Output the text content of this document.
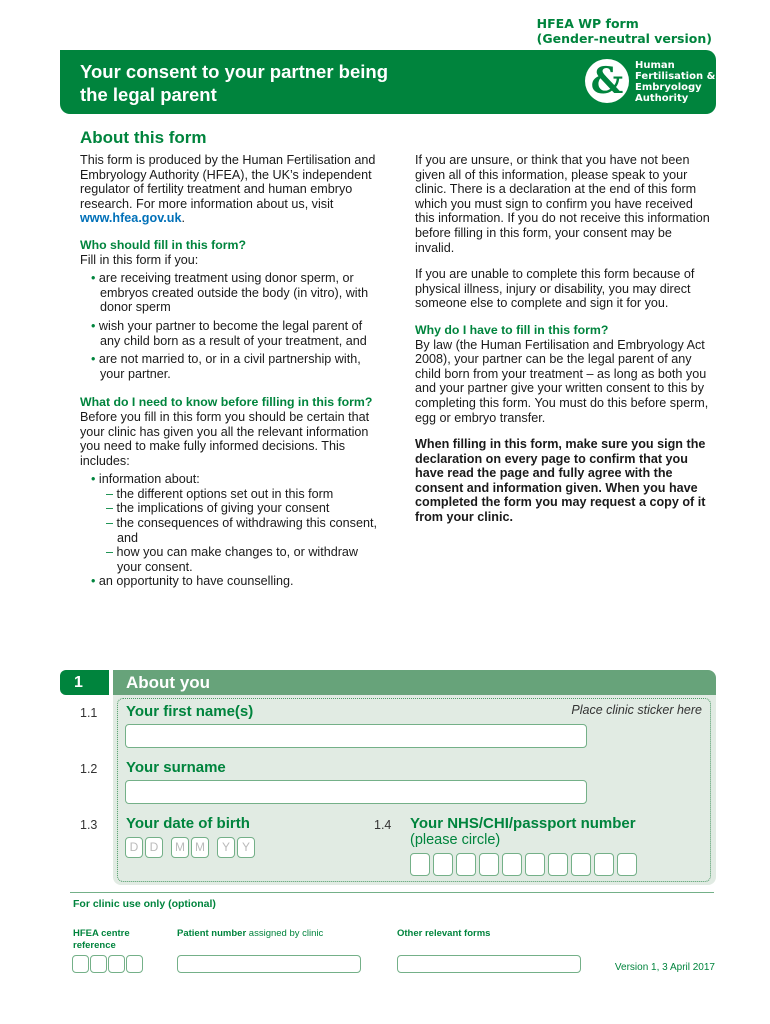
HFEA WP form
(Gender-neutral version)
Your consent to your partner being
the legal parent	&	Human
Fertilisation &
Embryology
Authority
About this form

This form is produced by the Human Fertilisation and Embryology Authority (HFEA), the UK’s independent regulator of fertility treatment and human embryo research. For more information about us, visit www.hfea.gov.uk.

Who should fill in this form?
Fill in this form if you:
• are receiving treatment using donor sperm, or embryos created outside the body (in vitro), with donor sperm
• wish your partner to become the legal parent of any child born as a result of your treatment, and
• are not married to, or in a civil partnership with, your partner.
What do I need to know before filling in this form?
Before you fill in this form you should be certain that your clinic has given you all the relevant information you need to make fully informed decisions. This includes:
• information about:
– the different options set out in this form
– the implications of giving your consent
– the consequences of withdrawing this consent, and
– how you can make changes to, or withdraw your consent.
• an opportunity to have counselling.

If you are unsure, or think that you have not been given all of this information, please speak to your clinic. There is a declaration at the end of this form which you must sign to confirm you have received this information. If you do not receive this information before filling in this form, your consent may be invalid.

If you are unable to complete this form because of physical illness, injury or disability, you may direct someone else to complete and sign it for you.

Why do I have to fill in this form?

By law (the Human Fertilisation and Embryology Act 2008), your partner can be the legal parent of any child born from your treatment – as long as both you and your partner give your written consent to this by completing this form. You must do this before sperm, egg or embryo transfer.

When filling in this form, make sure you sign the declaration on every page to confirm that you have read the page and fully agree with the consent and information given. When you have completed the form you may request a copy of it from your clinic.

1	About you
Place clinic sticker here
1.1 Your first name(s)
1.2 Your surname
1.3 Your date of birth
D D M M Y Y
1.4 Your NHS/CHI/passport number
(please circle)
For clinic use only (optional)
HFEA centre reference
Patient number assigned by clinic	Other relevant forms
Version 1, 3 April 2017
